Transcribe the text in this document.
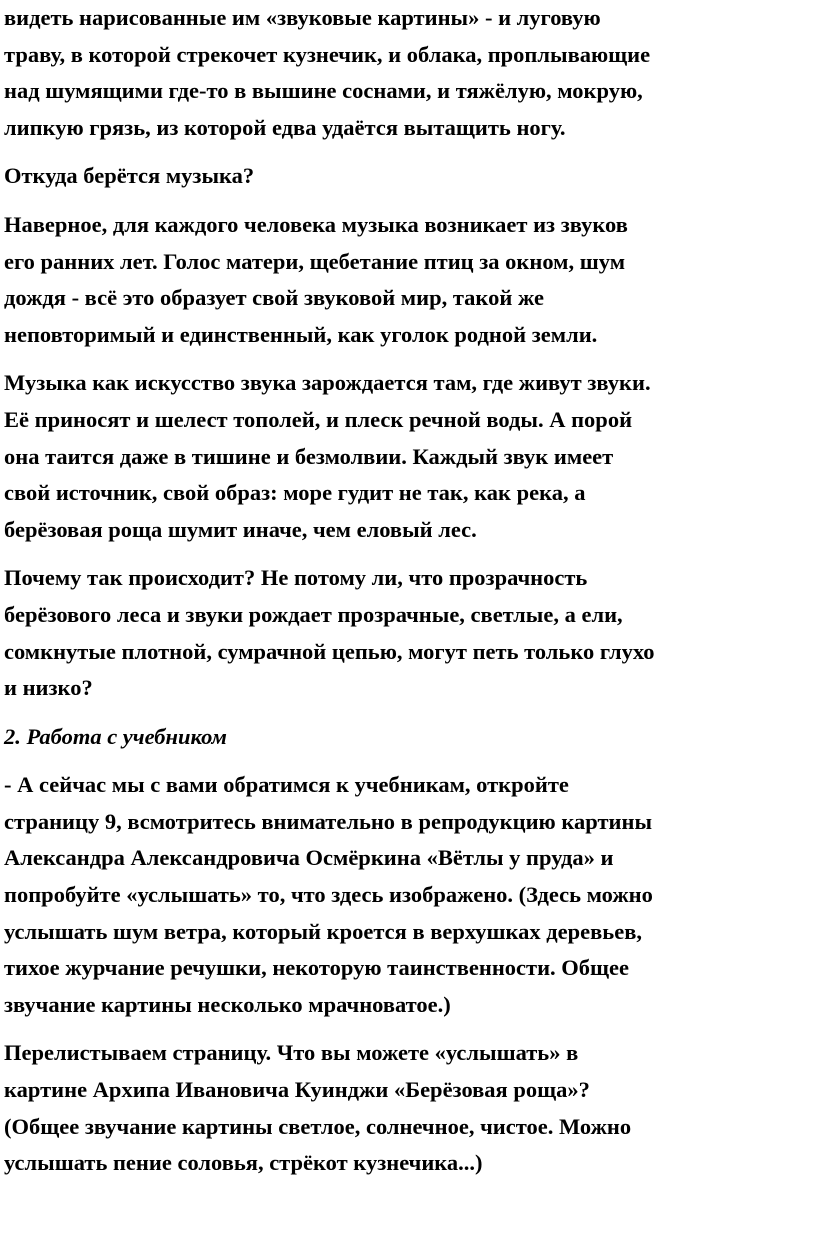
видеть нарисованные им «звуковые картины» - и луговую
траву, в которой стрекочет кузнечик, и облака, проплывающие
над шумящими где-то в вышине соснами, и тяжёлую, мокрую,
липкую грязь, из которой едва удаётся вытащить ногу.
Откуда берётся музыка?
Наверное, для каждого человека музыка возникает из звуков
его ранних лет. Голос матери, щебетание птиц за окном, шум
дождя - всё это образует свой звуковой мир, такой же
неповторимый и единственный, как уголок родной земли.
Музыка как искусство звука зарождается там, где живут звуки.
Её приносят и шелест тополей, и плеск речной воды. А порой
она таится даже в тишине и безмолвии. Каждый звук имеет
свой источник, свой образ: море гудит не так, как река, а
берёзовая роща шумит иначе, чем еловый лес.
Почему так происходит? Не потому ли, что прозрачность
берёзового леса и звуки рождает прозрачные, светлые, а ели,
сомкнутые плотной, сумрачной цепью, могут петь только глухо
и низко?
2. Работа с учебником
- А сейчас мы с вами обратимся к учебникам, откройте
страницу 9, всмотритесь внимательно в репродукцию картины
Александра Александровича Осмёркина «Вётлы у пруда» и
попробуйте «услышать» то, что здесь изображено. (Здесь можно
услышать шум ветра, который кроется в верхушках деревьев,
тихое журчание речушки, некоторую таинственности. Общее
звучание картины несколько мрачноватое.)
Перелистываем страницу. Что вы можете «услышать» в
картине Архипа Ивановича Куинджи «Берёзовая роща»?
(Общее звучание картины светлое, солнечное, чистое. Можно
услышать пение соловья, стрёкот кузнечика...)
